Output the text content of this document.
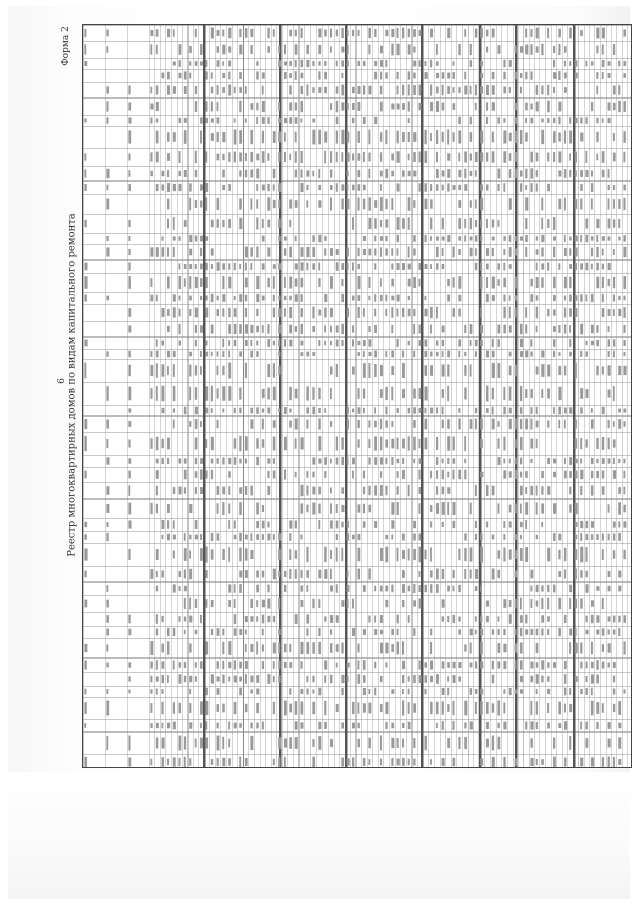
6 Реестр многоквартирных домов по видам капитального ремонта
Форма 2
